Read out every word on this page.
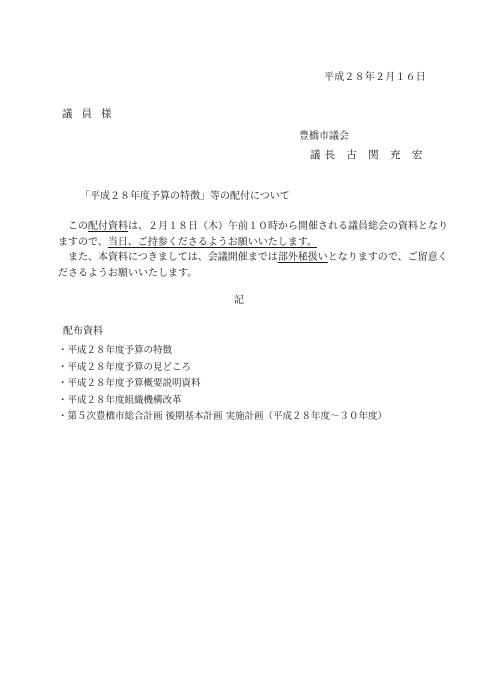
平成２８年２月１６日
議員様
豊橋市議会
議長 古 関 充 宏
「平成２８年度予算の特徴」等の配付について
この配付資料は、２月１８日（木）午前１０時から開催される議員総会の資料となり
ますので、当日、ご持参くださるようお願いいたします。
また、本資料につきましては、会議開催までは部外秘扱いとなりますので、ご留意く
ださるようお願いいたします。
記
配布資料
・平成２８年度予算の特徴
・平成２８年度予算の見どころ
・平成２８年度予算概要説明資料
・平成２８年度組織機構改革
・第５次豊橋市総合計画 後期基本計画 実施計画（平成２８年度～３０年度）
